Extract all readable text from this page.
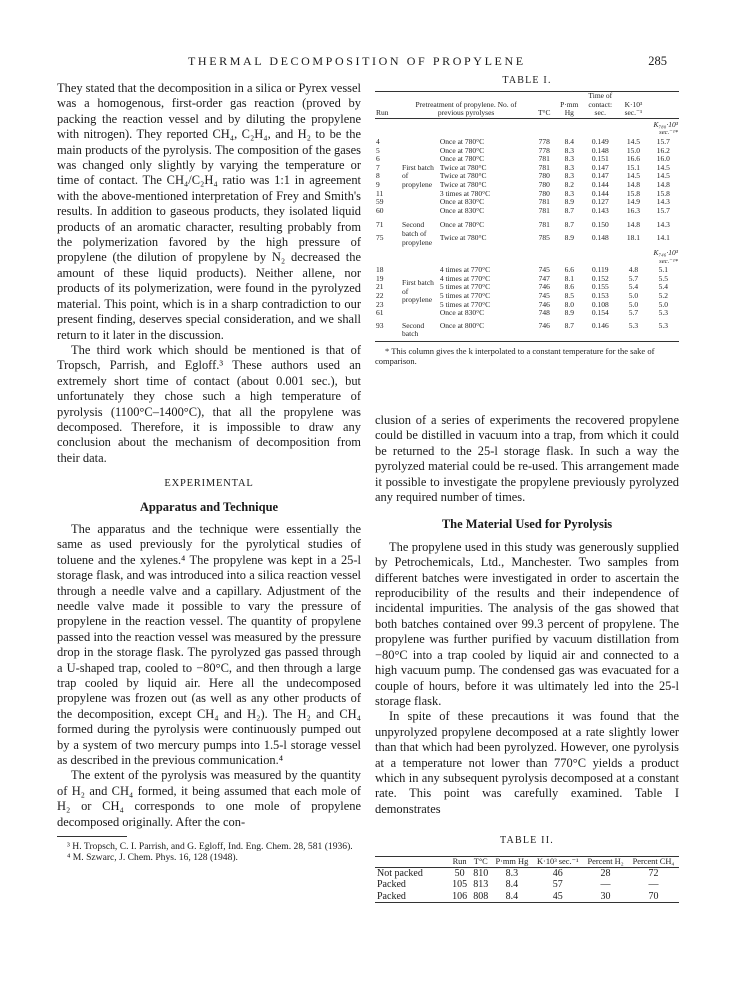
THERMAL DECOMPOSITION OF PROPYLENE	285

They stated that the decomposition in a silica or Pyrex vessel was a homogenous, first-order gas reaction (proved by packing the reaction vessel and by diluting the propylene with nitrogen). They reported CH₄, C₂H₄, and H₂ to be the main products of the pyrolysis. The composition of the gases was changed only slightly by varying the temperature or time of contact. The CH₄/C₂H₄ ratio was 1:1 in agreement with the above-mentioned interpretation of Frey and Smith's results. In addition to gaseous products, they isolated liquid products of an aromatic character, resulting probably from the polymerization favored by the high pressure of propylene (the dilution of propylene by N₂ decreased the amount of these liquid products). Neither allene, nor products of its polymerization, were found in the pyrolyzed material. This point, which is in a sharp contradiction to our present finding, deserves special consideration, and we shall return to it later in the discussion.

The third work which should be mentioned is that of Tropsch, Parrish, and Egloff.³ These authors used an extremely short time of contact (about 0.001 sec.), but unfortunately they chose such a high temperature of pyrolysis (1100°C–1400°C), that all the propylene was decomposed. Therefore, it is impossible to draw any conclusion about the mechanism of decomposition from their data.

EXPERIMENTAL
Apparatus and Technique

The apparatus and the technique were essentially the same as used previously for the pyrolytical studies of toluene and the xylenes.⁴ The propylene was kept in a 25-l storage flask, and was introduced into a silica reaction vessel through a needle valve and a capillary. Adjustment of the needle valve made it possible to vary the pressure of propylene in the reaction vessel. The quantity of propylene passed into the reaction vessel was measured by the pressure drop in the storage flask. The pyrolyzed gas passed through a U-shaped trap, cooled to −80°C, and then through a large trap cooled by liquid air. Here all the undecomposed propylene was frozen out (as well as any other products of the decomposition, except CH₄ and H₂). The H₂ and CH₄ formed during the pyrolysis were continuously pumped out by a system of two mercury pumps into 1.5-l storage vessel as described in the previous communication.⁴

The extent of the pyrolysis was measured by the quantity of H₂ and CH₄ formed, it being assumed that each mole of H₂ or CH₄ corresponds to one mole of propylene decomposed originally. After the con-

³ H. Tropsch, C. I. Parrish, and G. Egloff, Ind. Eng. Chem. 28, 581 (1936).
⁴ M. Szwarc, J. Chem. Phys. 16, 128 (1948).
TABLE I.
Run	Pretreatment of propylene. No. of previous pyrolyses		T°C	P·mm Hg	Time of contact: sec.	K·10³ sec.⁻¹	

							K₇₈₀·10³
sec.⁻¹*

4	First batch of propylene	Once at 780°C	778	8.4	0.149	14.5	15.7
5		Once at 780°C	778	8.3	0.148	15.0	16.2
6		Once at 780°C	781	8.3	0.151	16.6	16.0
7		Twice at 780°C	781	8.3	0.147	15.1	14.5
8		Twice at 780°C	780	8.3	0.147	14.5	14.5
9		Twice at 780°C	780	8.2	0.144	14.8	14.8
11		3 times at 780°C	780	8.3	0.144	15.8	15.8
59		Once at 830°C	781	8.9	0.127	14.9	14.3
60		Once at 830°C	781	8.7	0.143	16.3	15.7

71	Second batch of propylene	Once at 780°C	781	8.7	0.150	14.8	14.3
75		Twice at 780°C	785	8.9	0.148	18.1	14.1

							K₇₄₆·10³
sec.⁻¹*

18	First batch of propylene	4 times at 770°C	745	6.6	0.119	4.8	5.1
19		4 times at 770°C	747	8.1	0.152	5.7	5.5
21		5 times at 770°C	746	8.6	0.155	5.4	5.4
22		5 times at 770°C	745	8.5	0.153	5.0	5.2
23		5 times at 770°C	746	8.0	0.108	5.0	5.0
61		Once at 830°C	748	8.9	0.154	5.7	5.3

93	Second batch	Once at 800°C	746	8.7	0.146	5.3	5.3
* This column gives the k interpolated to a constant temperature for the sake of comparison.

clusion of a series of experiments the recovered propylene could be distilled in vacuum into a trap, from which it could be returned to the 25-l storage flask. In such a way the pyrolyzed material could be re-used. This arrangement made it possible to investigate the propylene previously pyrolyzed any required number of times.

The Material Used for Pyrolysis

The propylene used in this study was generously supplied by Petrochemicals, Ltd., Manchester. Two samples from different batches were investigated in order to ascertain the reproducibility of the results and their independence of incidental impurities. The analysis of the gas showed that both batches contained over 99.3 percent of propylene. The propylene was further purified by vacuum distillation from −80°C into a trap cooled by liquid air and connected to a high vacuum pump. The condensed gas was evacuated for a couple of hours, before it was ultimately led into the 25-l storage flask.

In spite of these precautions it was found that the unpyrolyzed propylene decomposed at a rate slightly lower than that which had been pyrolyzed. However, one pyrolysis at a temperature not lower than 770°C yields a product which in any subsequent pyrolysis decomposed at a constant rate. This point was carefully examined. Table I demonstrates

TABLE II.
	Run	T°C	P·mm Hg	K·10³ sec.⁻¹	Percent H₂	Percent CH₄
Not packed	50	810	8.3	46	28	72
Packed	105	813	8.4	57	—	—
Packed	106	808	8.4	45	30	70
